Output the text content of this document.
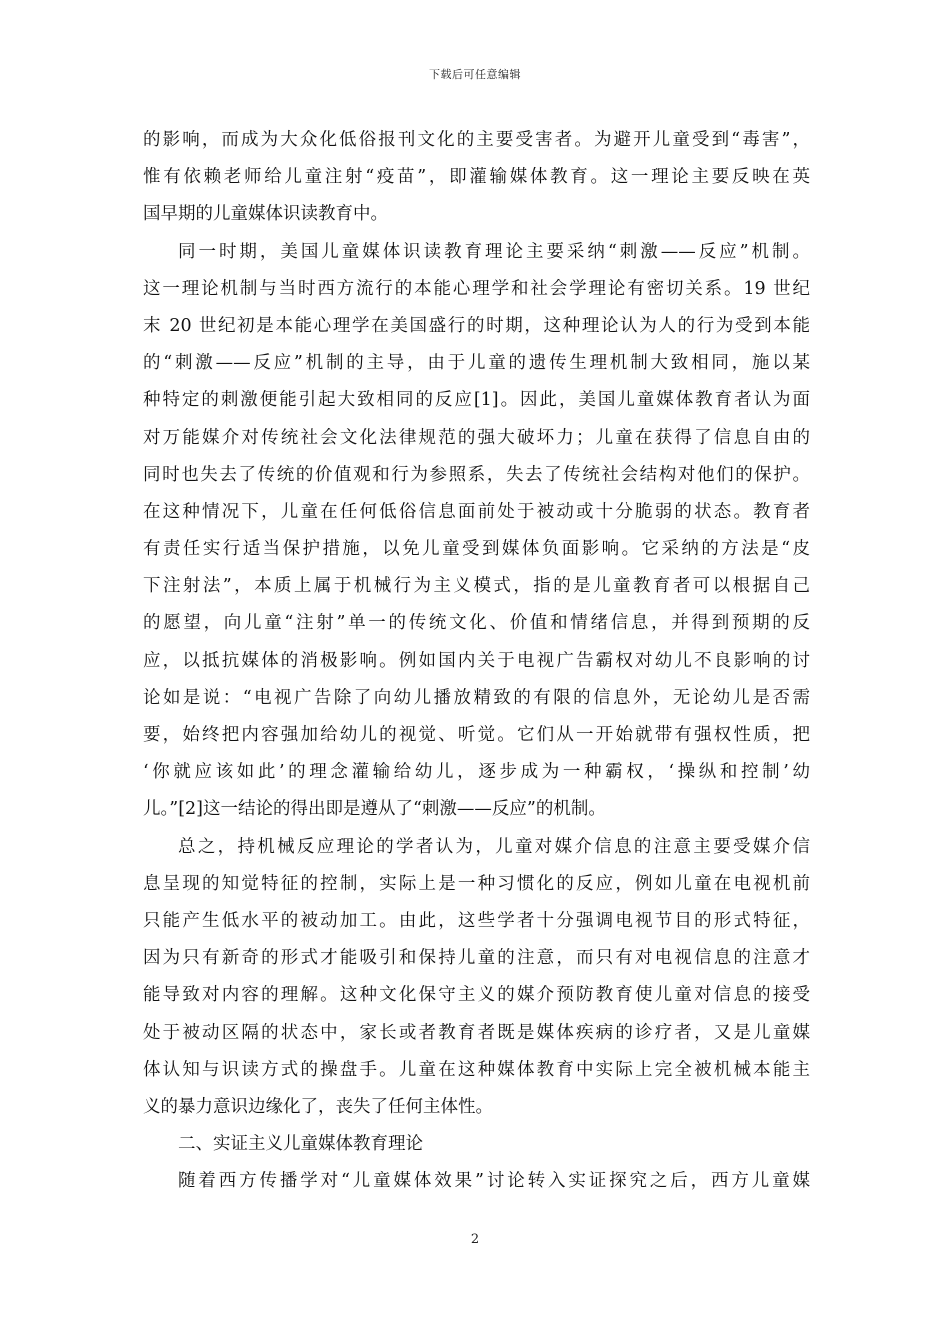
下载后可任意编辑
的影响，而成为大众化低俗报刊文化的主要受害者。为避开儿童受到“毒害”，
惟有依赖老师给儿童注射“疫苗”，即灌输媒体教育。这一理论主要反映在英
国早期的儿童媒体识读教育中。
同一时期，美国儿童媒体识读教育理论主要采纳“刺激——反应”机制。
这一理论机制与当时西方流行的本能心理学和社会学理论有密切关系。19 世纪
末 20 世纪初是本能心理学在美国盛行的时期，这种理论认为人的行为受到本能
的“刺激——反应”机制的主导，由于儿童的遗传生理机制大致相同，施以某
种特定的刺激便能引起大致相同的反应[1]。因此，美国儿童媒体教育者认为面
对万能媒介对传统社会文化法律规范的强大破坏力；儿童在获得了信息自由的
同时也失去了传统的价值观和行为参照系，失去了传统社会结构对他们的保护。
在这种情况下，儿童在任何低俗信息面前处于被动或十分脆弱的状态。教育者
有责任实行适当保护措施，以免儿童受到媒体负面影响。它采纳的方法是“皮
下注射法”，本质上属于机械行为主义模式，指的是儿童教育者可以根据自己
的愿望，向儿童“注射”单一的传统文化、价值和情绪信息，并得到预期的反
应，以抵抗媒体的消极影响。例如国内关于电视广告霸权对幼儿不良影响的讨
论如是说：“电视广告除了向幼儿播放精致的有限的信息外，无论幼儿是否需
要，始终把内容强加给幼儿的视觉、听觉。它们从一开始就带有强权性质，把
‘你就应该如此’的理念灌输给幼儿，逐步成为一种霸权，‘操纵和控制’幼
儿。”[2]这一结论的得出即是遵从了“刺激——反应”的机制。
总之，持机械反应理论的学者认为，儿童对媒介信息的注意主要受媒介信
息呈现的知觉特征的控制，实际上是一种习惯化的反应，例如儿童在电视机前
只能产生低水平的被动加工。由此，这些学者十分强调电视节目的形式特征，
因为只有新奇的形式才能吸引和保持儿童的注意，而只有对电视信息的注意才
能导致对内容的理解。这种文化保守主义的媒介预防教育使儿童对信息的接受
处于被动区隔的状态中，家长或者教育者既是媒体疾病的诊疗者，又是儿童媒
体认知与识读方式的操盘手。儿童在这种媒体教育中实际上完全被机械本能主
义的暴力意识边缘化了，丧失了任何主体性。
二、实证主义儿童媒体教育理论
随着西方传播学对“儿童媒体效果”讨论转入实证探究之后，西方儿童媒
2
